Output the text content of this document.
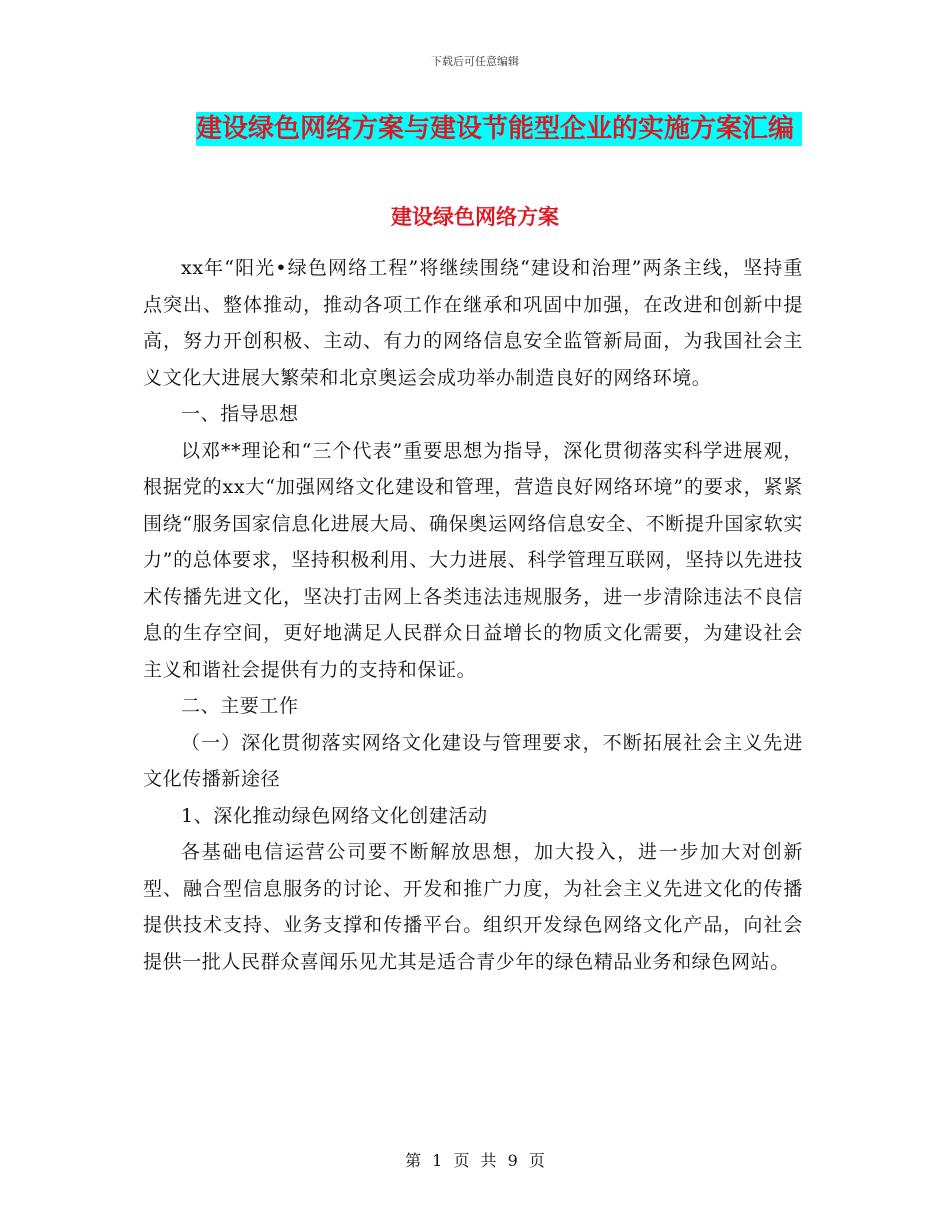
下载后可任意编辑
建设绿色网络方案与建设节能型企业的实施方案汇编
建设绿色网络方案

xx年“阳光•绿色网络工程”将继续围绕“建设和治理”两条主线，坚持重点突出、整体推动，推动各项工作在继承和巩固中加强，在改进和创新中提高，努力开创积极、主动、有力的网络信息安全监管新局面，为我国社会主义文化大进展大繁荣和北京奥运会成功举办制造良好的网络环境。

一、指导思想

以邓**理论和“三个代表”重要思想为指导，深化贯彻落实科学进展观，根据党的xx大“加强网络文化建设和管理，营造良好网络环境”的要求，紧紧围绕“服务国家信息化进展大局、确保奥运网络信息安全、不断提升国家软实力”的总体要求，坚持积极利用、大力进展、科学管理互联网，坚持以先进技术传播先进文化，坚决打击网上各类违法违规服务，进一步清除违法不良信息的生存空间，更好地满足人民群众日益增长的物质文化需要，为建设社会主义和谐社会提供有力的支持和保证。

二、主要工作

（一）深化贯彻落实网络文化建设与管理要求，不断拓展社会主义先进文化传播新途径

1、深化推动绿色网络文化创建活动

各基础电信运营公司要不断解放思想，加大投入，进一步加大对创新型、融合型信息服务的讨论、开发和推广力度，为社会主义先进文化的传播提供技术支持、业务支撑和传播平台。组织开发绿色网络文化产品，向社会提供一批人民群众喜闻乐见尤其是适合青少年的绿色精品业务和绿色网站。

第 1 页 共 9 页
